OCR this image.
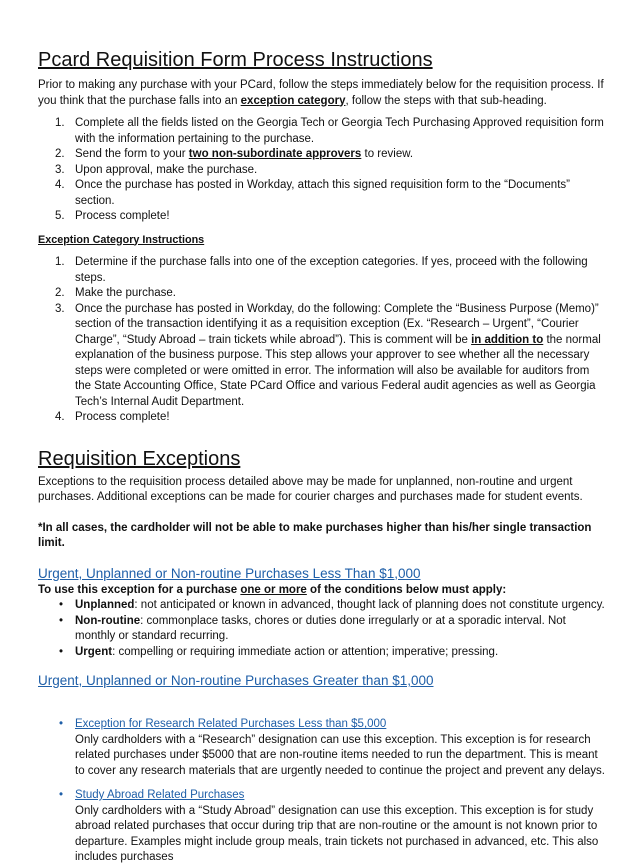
Pcard Requisition Form Process Instructions

Prior to making any purchase with your PCard, follow the steps immediately below for the requisition process. If you think that the purchase falls into an exception category, follow the steps with that sub-heading.

1. Complete all the fields listed on the Georgia Tech or Georgia Tech Purchasing Approved requisition form with the information pertaining to the purchase.
2. Send the form to your two non-subordinate approvers to review.
3. Upon approval, make the purchase.
4. Once the purchase has posted in Workday, attach this signed requisition form to the “Documents” section.
5. Process complete!
Exception Category Instructions
1. Determine if the purchase falls into one of the exception categories. If yes, proceed with the following steps.
2. Make the purchase.
3. Once the purchase has posted in Workday, do the following: Complete the “Business Purpose (Memo)” section of the transaction identifying it as a requisition exception (Ex. “Research – Urgent”, “Courier Charge”, “Study Abroad – train tickets while abroad”). This is comment will be in addition to the normal explanation of the business purpose. This step allows your approver to see whether all the necessary steps were completed or were omitted in error. The information will also be available for auditors from the State Accounting Office, State PCard Office and various Federal audit agencies as well as Georgia Tech’s Internal Audit Department.
4. Process complete!
Requisition Exceptions

Exceptions to the requisition process detailed above may be made for unplanned, non-routine and urgent purchases. Additional exceptions can be made for courier charges and purchases made for student events.

*In all cases, the cardholder will not be able to make purchases higher than his/her single transaction limit.

Urgent, Unplanned or Non-routine Purchases Less Than $1,000

To use this exception for a purchase one or more of the conditions below must apply:

• Unplanned: not anticipated or known in advanced, thought lack of planning does not constitute urgency.
• Non-routine: commonplace tasks, chores or duties done irregularly or at a sporadic interval. Not monthly or standard recurring.
• Urgent: compelling or requiring immediate action or attention; imperative; pressing.
Urgent, Unplanned or Non-routine Purchases Greater than $1,000
• Exception for Research Related Purchases Less than $5,000
Only cardholders with a “Research” designation can use this exception. This exception is for research related purchases under $5000 that are non-routine items needed to run the department. This is meant to cover any research materials that are urgently needed to continue the project and prevent any delays.
• Study Abroad Related Purchases
Only cardholders with a “Study Abroad” designation can use this exception. This exception is for study abroad related purchases that occur during trip that are non-routine or the amount is not known prior to departure. Examples might include group meals, train tickets not purchased in advanced, etc. This also includes purchases
